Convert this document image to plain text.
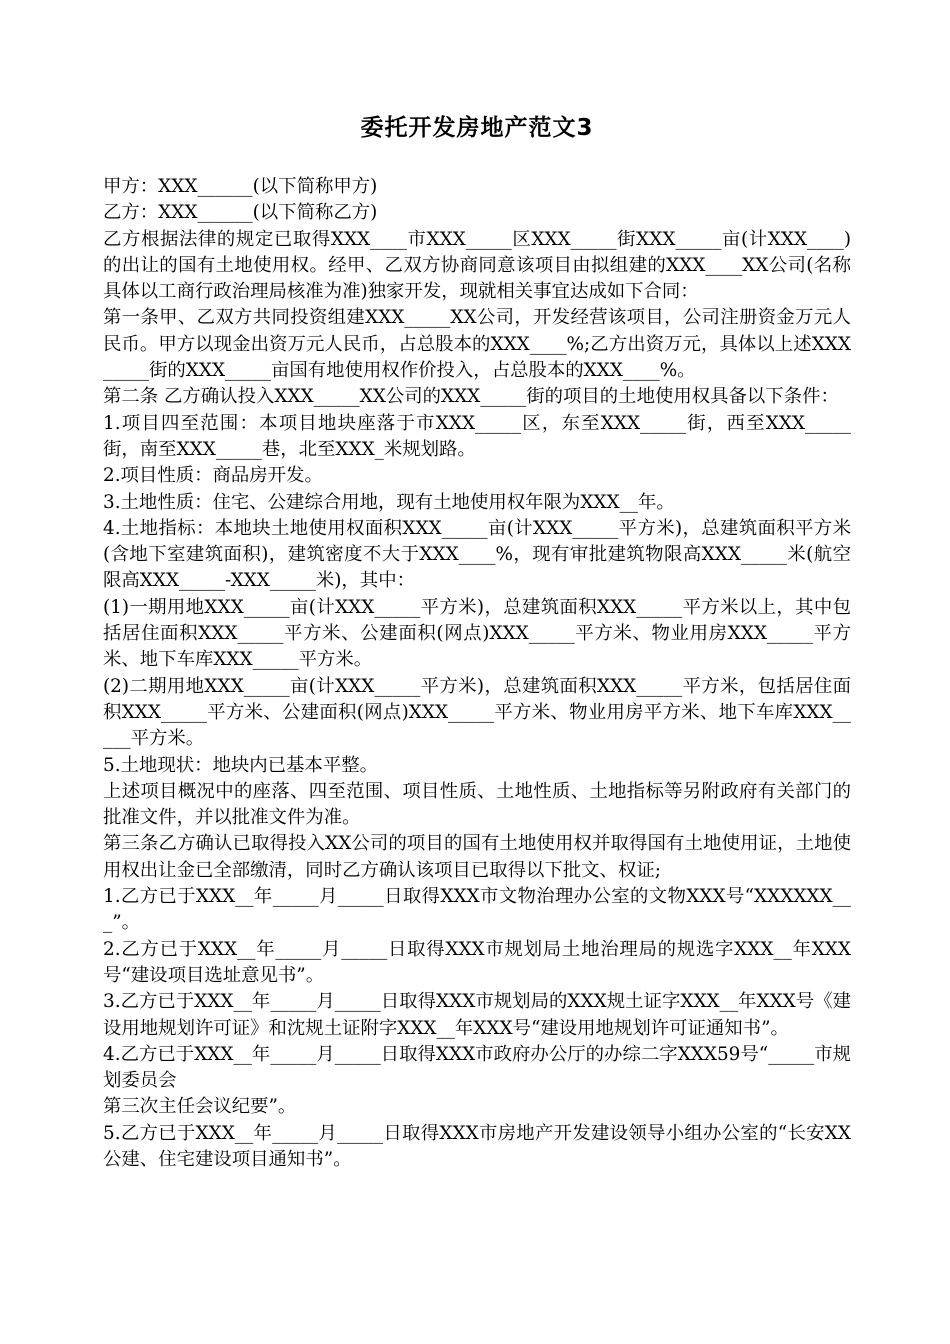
委托开发房地产范文3

甲方：XXX______(以下简称甲方)

乙方：XXX______(以下简称乙方)

乙方根据法律的规定已取得XXX____市XXX_____区XXX_____街XXX_____亩(计XXX____)的出让的国有土地使用权。经甲、乙双方协商同意该项目由拟组建的XXX____XX公司(名称具体以工商行政治理局核准为准)独家开发，现就相关事宜达成如下合同：

第一条甲、乙双方共同投资组建XXX_____XX公司，开发经营该项目，公司注册资金万元人民币。甲方以现金出资万元人民币，占总股本的XXX____%;乙方出资万元，具体以上述XXX_____街的XXX_____亩国有地使用权作价投入，占总股本的XXX____%。

第二条 乙方确认投入XXX_____XX公司的XXX_____街的项目的土地使用权具备以下条件：

1.项目四至范围：本项目地块座落于市XXX_____区，东至XXX_____街，西至XXX_____街，南至XXX_____巷，北至XXX_米规划路。

2.项目性质：商品房开发。

3.土地性质：住宅、公建综合用地，现有土地使用权年限为XXX__年。

4.土地指标：本地块土地使用权面积XXX_____亩(计XXX_____平方米)，总建筑面积平方米(含地下室建筑面积)，建筑密度不大于XXX____%，现有审批建筑物限高XXX_____米(航空限高XXX_____-XXX_____米)，其中：

(1)一期用地XXX_____亩(计XXX_____平方米)，总建筑面积XXX_____平方米以上，其中包括居住面积XXX_____平方米、公建面积(网点)XXX_____平方米、物业用房XXX_____平方米、地下车库XXX_____平方米。

(2)二期用地XXX_____亩(计XXX_____平方米)，总建筑面积XXX_____平方米，包括居住面积XXX_____平方米、公建面积(网点)XXX_____平方米、物业用房平方米、地下车库XXX_____平方米。

5.土地现状：地块内已基本平整。

上述项目概况中的座落、四至范围、项目性质、土地性质、土地指标等另附政府有关部门的批准文件，并以批准文件为准。

第三条乙方确认已取得投入XX公司的项目的国有土地使用权并取得国有土地使用证，土地使用权出让金已全部缴清，同时乙方确认该项目已取得以下批文、权证;

1.乙方已于XXX__年_____月_____日取得XXX市文物治理办公室的文物XXX号“XXXXXX___”。

2.乙方已于XXX__年_____月_____日取得XXX市规划局土地治理局的规选字XXX__年XXX号“建设项目选址意见书”。

3.乙方已于XXX__年_____月_____日取得XXX市规划局的XXX规土证字XXX__年XXX号《建设用地规划许可证》和沈规土证附字XXX__年XXX号“建设用地规划许可证通知书”。

4.乙方已于XXX__年_____月_____日取得XXX市政府办公厅的办综二字XXX59号“_____市规划委员会

第三次主任会议纪要”。

5.乙方已于XXX__年_____月_____日取得XXX市房地产开发建设领导小组办公室的“长安XX公建、住宅建设项目通知书”。
